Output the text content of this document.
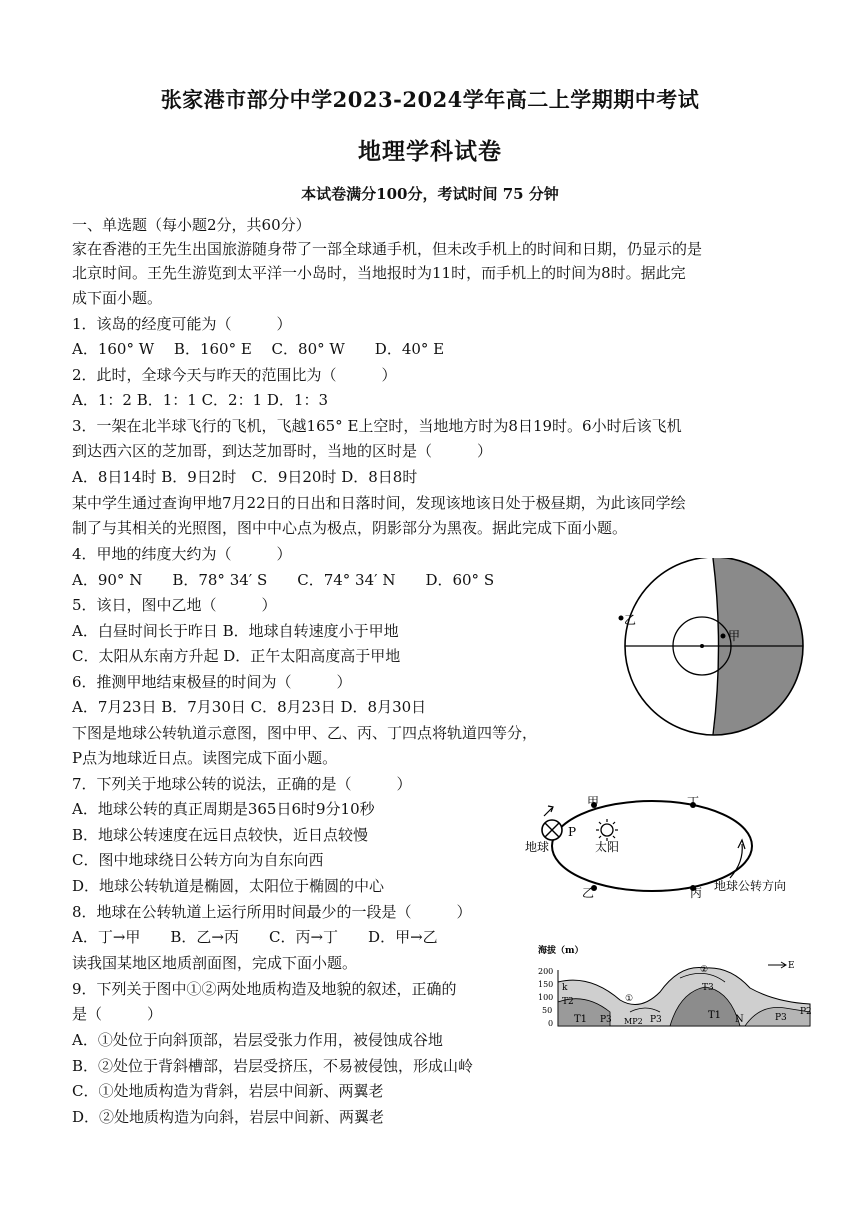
张家港市部分中学2023-2024学年高二上学期期中考试
地理学科试卷
本试卷满分100分，考试时间 75 分钟
一、单选题（每小题2分，共60分）
家在香港的王先生出国旅游随身带了一部全球通手机，但未改手机上的时间和日期，仍显示的是
北京时间。王先生游览到太平洋一小岛时，当地报时为11时，而手机上的时间为8时。据此完
成下面小题。
1．该岛的经度可能为（　　　）
A．160° W　 B．160° E　 C．80° W　　D．40° E
2．此时，全球今天与昨天的范围比为（　　　）
A．1：2 B．1：1 C．2：1 D．1：3
3．一架在北半球飞行的飞机，飞越165° E上空时，当地地方时为8日19时。6小时后该飞机
到达西六区的芝加哥，到达芝加哥时，当地的区时是（　　　）
A．8日14时 B．9日2时　C．9日20时 D．8日8时
某中学生通过查询甲地7月22日的日出和日落时间，发现该地该日处于极昼期，为此该同学绘
制了与其相关的光照图，图中中心点为极点，阴影部分为黑夜。据此完成下面小题。
4．甲地的纬度大约为（　　　）
A．90° N　　B．78° 34′ S　　C．74° 34′ N　　D．60° S
5．该日，图中乙地（　　　）
A．白昼时间长于昨日 B．地球自转速度小于甲地
C．太阳从东南方升起 D．正午太阳高度高于甲地
6．推测甲地结束极昼的时间为（　　　）
A．7月23日 B．7月30日 C．8月23日 D．8月30日
下图是地球公转轨道示意图，图中甲、乙、丙、丁四点将轨道四等分，
P点为地球近日点。读图完成下面小题。
7．下列关于地球公转的说法，正确的是（　　　）
A．地球公转的真正周期是365日6时9分10秒
B．地球公转速度在远日点较快，近日点较慢
C．图中地球绕日公转方向为自东向西
D．地球公转轨道是椭圆，太阳位于椭圆的中心
8．地球在公转轨道上运行所用时间最少的一段是（　　　）
A．丁→甲　　B．乙→丙　　C．丙→丁　　D．甲→乙
读我国某地区地质剖面图，完成下面小题。
9．下列关于图中①②两处地质构造及地貌的叙述，正确的
是（　　　）
A．①处位于向斜顶部，岩层受张力作用，被侵蚀成谷地
B．②处位于背斜槽部，岩层受挤压，不易被侵蚀，形成山岭
C．①处地质构造为背斜，岩层中间新、两翼老
D．②处地质构造为向斜，岩层中间新、两翼老
乙
甲
甲	丁
乙	丙
P
地球	太阳
地球公转方向
海拔（m）
200
150
100
50
0
k
T2
T1 P3 MP2 P3	T1 N	P3
P2
T3
①
②	E
